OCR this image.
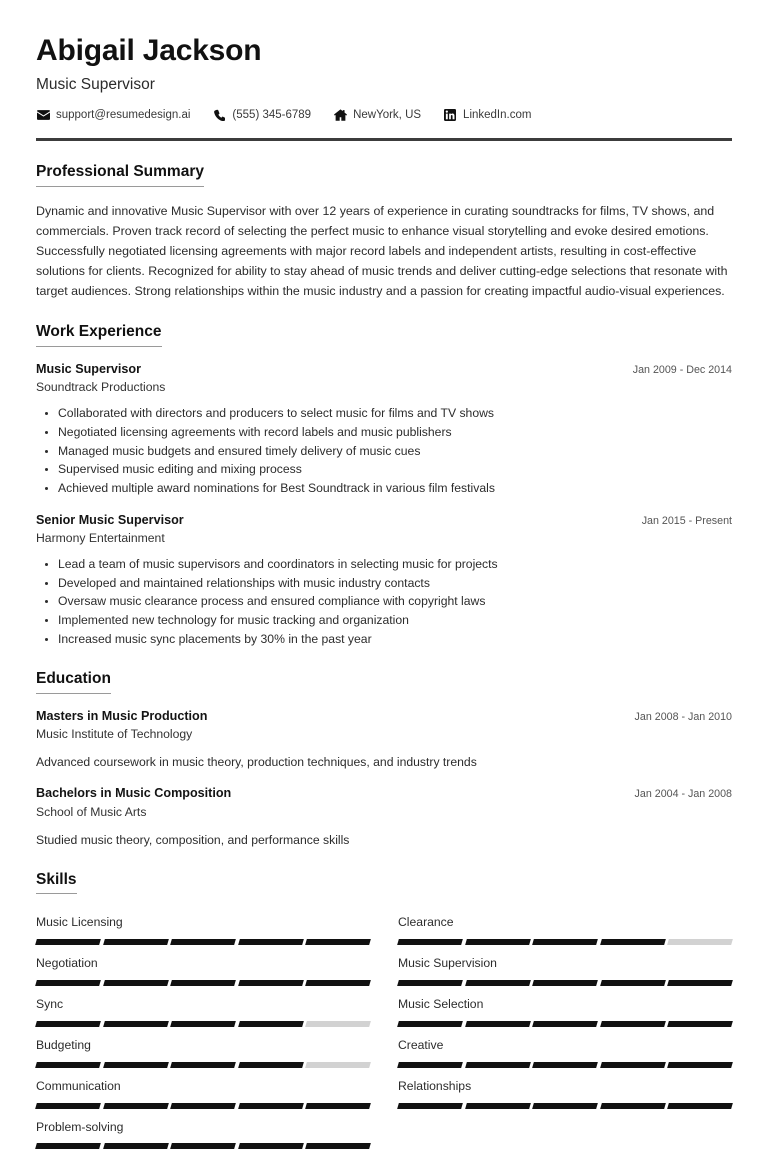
Abigail Jackson
Music Supervisor
support@resumedesign.ai	(555) 345-6789	NewYork, US	LinkedIn.com
Professional Summary
Dynamic and innovative Music Supervisor with over 12 years of experience in curating soundtracks for films, TV shows, and commercials. Proven track record of selecting the perfect music to enhance visual storytelling and evoke desired emotions. Successfully negotiated licensing agreements with major record labels and independent artists, resulting in cost-effective solutions for clients. Recognized for ability to stay ahead of music trends and deliver cutting-edge selections that resonate with target audiences. Strong relationships within the music industry and a passion for creating impactful audio-visual experiences.
Work Experience
Music Supervisor	Jan 2009 - Dec 2014
Soundtrack Productions
Collaborated with directors and producers to select music for films and TV shows
Negotiated licensing agreements with record labels and music publishers
Managed music budgets and ensured timely delivery of music cues
Supervised music editing and mixing process
Achieved multiple award nominations for Best Soundtrack in various film festivals
Senior Music Supervisor	Jan 2015 - Present
Harmony Entertainment
Lead a team of music supervisors and coordinators in selecting music for projects
Developed and maintained relationships with music industry contacts
Oversaw music clearance process and ensured compliance with copyright laws
Implemented new technology for music tracking and organization
Increased music sync placements by 30% in the past year
Education
Masters in Music Production	Jan 2008 - Jan 2010
Music Institute of Technology
Advanced coursework in music theory, production techniques, and industry trends
Bachelors in Music Composition	Jan 2004 - Jan 2008
School of Music Arts
Studied music theory, composition, and performance skills
Skills
Music Licensing
Negotiation
Sync
Budgeting
Communication
Problem-solving
Clearance
Music Supervision
Music Selection
Creative
Relationships
